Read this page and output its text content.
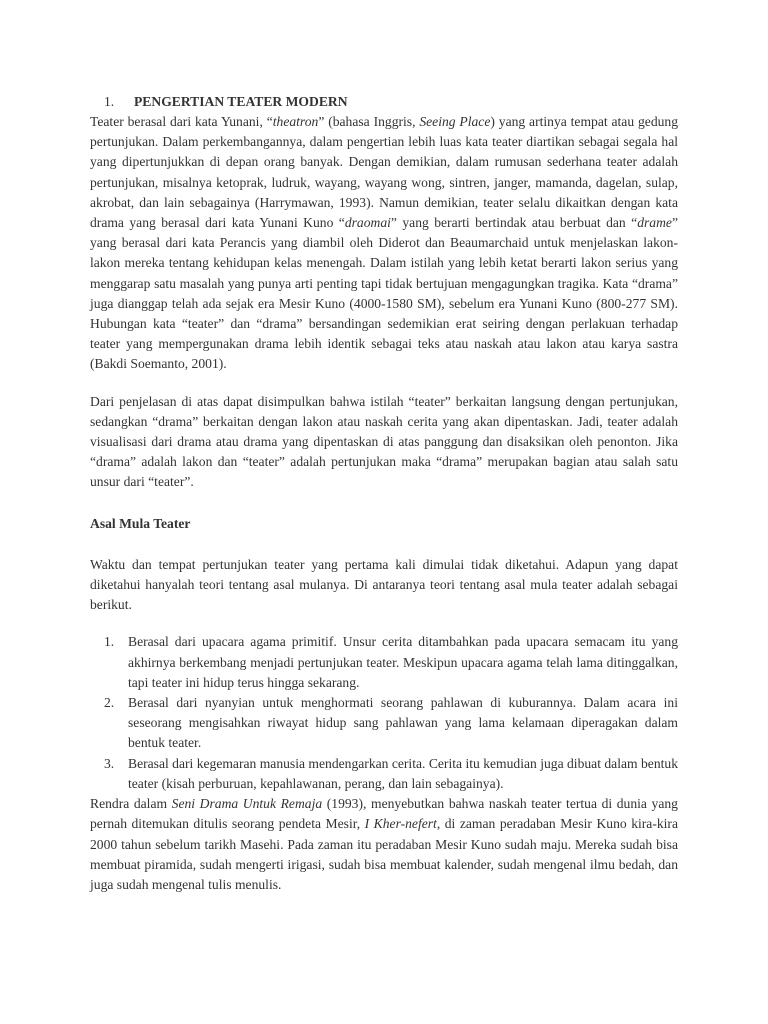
1. PENGERTIAN TEATER MODERN

Teater berasal dari kata Yunani, “theatron” (bahasa Inggris, Seeing Place) yang artinya tempat atau gedung pertunjukan. Dalam perkembangannya, dalam pengertian lebih luas kata teater diartikan sebagai segala hal yang dipertunjukkan di depan orang banyak. Dengan demikian, dalam rumusan sederhana teater adalah pertunjukan, misalnya ketoprak, ludruk, wayang, wayang wong, sintren, janger, mamanda, dagelan, sulap, akrobat, dan lain sebagainya (Harrymawan, 1993). Namun demikian, teater selalu dikaitkan dengan kata drama yang berasal dari kata Yunani Kuno “draomai” yang berarti bertindak atau berbuat dan “drame” yang berasal dari kata Perancis yang diambil oleh Diderot dan Beaumarchaid untuk menjelaskan lakon-lakon mereka tentang kehidupan kelas menengah. Dalam istilah yang lebih ketat berarti lakon serius yang menggarap satu masalah yang punya arti penting tapi tidak bertujuan mengagungkan tragika. Kata “drama” juga dianggap telah ada sejak era Mesir Kuno (4000-1580 SM), sebelum era Yunani Kuno (800-277 SM). Hubungan kata “teater” dan “drama” bersandingan sedemikian erat seiring dengan perlakuan terhadap teater yang mempergunakan drama lebih identik sebagai teks atau naskah atau lakon atau karya sastra (Bakdi Soemanto, 2001).

Dari penjelasan di atas dapat disimpulkan bahwa istilah “teater” berkaitan langsung dengan pertunjukan, sedangkan “drama” berkaitan dengan lakon atau naskah cerita yang akan dipentaskan. Jadi, teater adalah visualisasi dari drama atau drama yang dipentaskan di atas panggung dan disaksikan oleh penonton. Jika “drama” adalah lakon dan “teater” adalah pertunjukan maka “drama” merupakan bagian atau salah satu unsur dari “teater”.

Asal Mula Teater

Waktu dan tempat pertunjukan teater yang pertama kali dimulai tidak diketahui. Adapun yang dapat diketahui hanyalah teori tentang asal mulanya. Di antaranya teori tentang asal mula teater adalah sebagai berikut.

1.	Berasal dari upacara agama primitif. Unsur cerita ditambahkan pada upacara semacam itu yang akhirnya berkembang menjadi pertunjukan teater. Meskipun upacara agama telah lama ditinggalkan, tapi teater ini hidup terus hingga sekarang.
2.	Berasal dari nyanyian untuk menghormati seorang pahlawan di kuburannya. Dalam acara ini seseorang mengisahkan riwayat hidup sang pahlawan yang lama kelamaan diperagakan dalam bentuk teater.
3.	Berasal dari kegemaran manusia mendengarkan cerita. Cerita itu kemudian juga dibuat dalam bentuk teater (kisah perburuan, kepahlawanan, perang, dan lain sebagainya).

Rendra dalam Seni Drama Untuk Remaja (1993), menyebutkan bahwa naskah teater tertua di dunia yang pernah ditemukan ditulis seorang pendeta Mesir, I Kher-nefert, di zaman peradaban Mesir Kuno kira-kira 2000 tahun sebelum tarikh Masehi. Pada zaman itu peradaban Mesir Kuno sudah maju. Mereka sudah bisa membuat piramida, sudah mengerti irigasi, sudah bisa membuat kalender, sudah mengenal ilmu bedah, dan juga sudah mengenal tulis menulis.
